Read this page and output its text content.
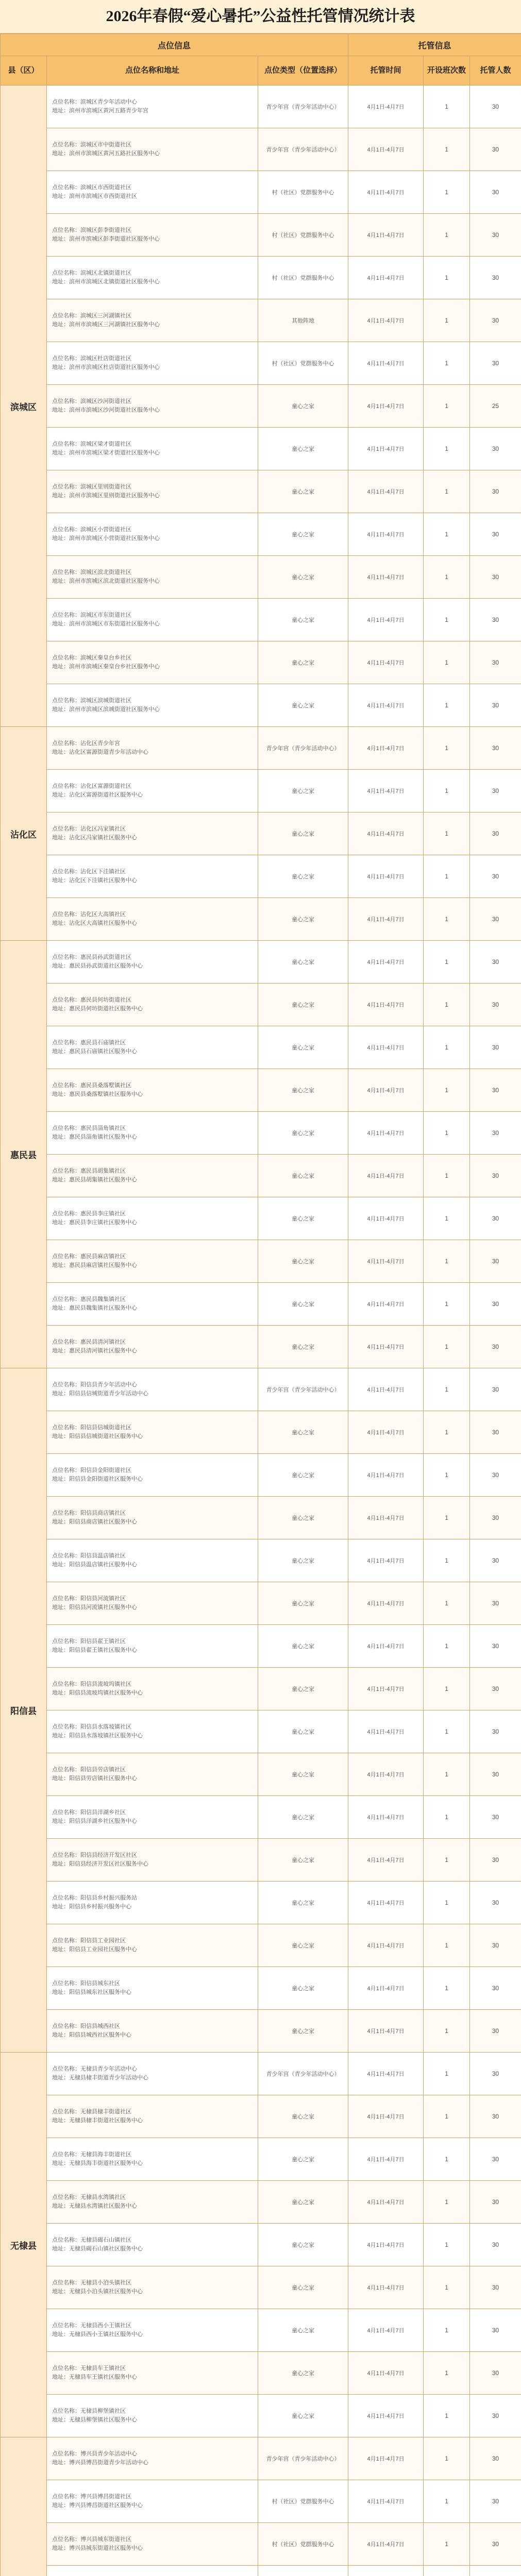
2026年春假“爱心暑托”公益性托管情况统计表
点位信息			托管信息		
县（区）	点位名称和地址	点位类型（位置选择）	托管时间	开设班次数	托管人数
滨城区	点位名称：滨城区青少年活动中心
地址：滨州市滨城区黄河五路青少年宫	青少年宫（青少年活动中心）	4月1日-4月7日	1	30

	点位名称：滨城区市中街道社区
地址：滨州市滨城区黄河五路社区服务中心	青少年宫（青少年活动中心）	4月1日-4月7日	1	30

	点位名称：滨城区市西街道社区
地址：滨州市滨城区市西街道社区	村（社区）党群服务中心	4月1日-4月7日	1	30

	点位名称：滨城区彭李街道社区
地址：滨州市滨城区彭李街道社区服务中心	村（社区）党群服务中心	4月1日-4月7日	1	30

	点位名称：滨城区北镇街道社区
地址：滨州市滨城区北镇街道社区服务中心	村（社区）党群服务中心	4月1日-4月7日	1	30

	点位名称：滨城区三河湖镇社区
地址：滨州市滨城区三河湖镇社区服务中心	其他阵地	4月1日-4月7日	1	30

	点位名称：滨城区杜店街道社区
地址：滨州市滨城区杜店街道社区服务中心	村（社区）党群服务中心	4月1日-4月7日	1	30

	点位名称：滨城区沙河街道社区
地址：滨州市滨城区沙河街道社区服务中心	童心之家	4月1日-4月7日	1	25

	点位名称：滨城区梁才街道社区
地址：滨州市滨城区梁才街道社区服务中心	童心之家	4月1日-4月7日	1	30

	点位名称：滨城区里则街道社区
地址：滨州市滨城区里则街道社区服务中心	童心之家	4月1日-4月7日	1	30

	点位名称：滨城区小营街道社区
地址：滨州市滨城区小营街道社区服务中心	童心之家	4月1日-4月7日	1	30

	点位名称：滨城区滨北街道社区
地址：滨州市滨城区滨北街道社区服务中心	童心之家	4月1日-4月7日	1	30

	点位名称：滨城区市东街道社区
地址：滨州市滨城区市东街道社区服务中心	童心之家	4月1日-4月7日	1	30

	点位名称：滨城区秦皇台乡社区
地址：滨州市滨城区秦皇台乡社区服务中心	童心之家	4月1日-4月7日	1	30

	点位名称：滨城区滨城街道社区
地址：滨州市滨城区滨城街道社区服务中心	童心之家	4月1日-4月7日	1	30
沾化区	点位名称：沾化区青少年宫
地址：沾化区富源街道青少年活动中心	青少年宫（青少年活动中心）	4月1日-4月7日	1	30

	点位名称：沾化区富源街道社区
地址：沾化区富源街道社区服务中心	童心之家	4月1日-4月7日	1	30

	点位名称：沾化区冯家镇社区
地址：沾化区冯家镇社区服务中心	童心之家	4月1日-4月7日	1	30

	点位名称：沾化区下洼镇社区
地址：沾化区下洼镇社区服务中心	童心之家	4月1日-4月7日	1	30

	点位名称：沾化区大高镇社区
地址：沾化区大高镇社区服务中心	童心之家	4月1日-4月7日	1	30
惠民县	点位名称：惠民县孙武街道社区
地址：惠民县孙武街道社区服务中心	童心之家	4月1日-4月7日	1	30

	点位名称：惠民县何坊街道社区
地址：惠民县何坊街道社区服务中心	童心之家	4月1日-4月7日	1	30

	点位名称：惠民县石庙镇社区
地址：惠民县石庙镇社区服务中心	童心之家	4月1日-4月7日	1	30

	点位名称：惠民县桑落墅镇社区
地址：惠民县桑落墅镇社区服务中心	童心之家	4月1日-4月7日	1	30

	点位名称：惠民县淄角镇社区
地址：惠民县淄角镇社区服务中心	童心之家	4月1日-4月7日	1	30

	点位名称：惠民县胡集镇社区
地址：惠民县胡集镇社区服务中心	童心之家	4月1日-4月7日	1	30

	点位名称：惠民县李庄镇社区
地址：惠民县李庄镇社区服务中心	童心之家	4月1日-4月7日	1	30

	点位名称：惠民县麻店镇社区
地址：惠民县麻店镇社区服务中心	童心之家	4月1日-4月7日	1	30

	点位名称：惠民县魏集镇社区
地址：惠民县魏集镇社区服务中心	童心之家	4月1日-4月7日	1	30

	点位名称：惠民县清河镇社区
地址：惠民县清河镇社区服务中心	童心之家	4月1日-4月7日	1	30
阳信县	点位名称：阳信县青少年活动中心
地址：阳信县信城街道青少年活动中心	青少年宫（青少年活动中心）	4月1日-4月7日	1	30

	点位名称：阳信县信城街道社区
地址：阳信县信城街道社区服务中心	童心之家	4月1日-4月7日	1	30

	点位名称：阳信县金阳街道社区
地址：阳信县金阳街道社区服务中心	童心之家	4月1日-4月7日	1	30

	点位名称：阳信县商店镇社区
地址：阳信县商店镇社区服务中心	童心之家	4月1日-4月7日	1	30

	点位名称：阳信县温店镇社区
地址：阳信县温店镇社区服务中心	童心之家	4月1日-4月7日	1	30

	点位名称：阳信县河流镇社区
地址：阳信县河流镇社区服务中心	童心之家	4月1日-4月7日	1	30

	点位名称：阳信县翟王镇社区
地址：阳信县翟王镇社区服务中心	童心之家	4月1日-4月7日	1	30

	点位名称：阳信县流坡坞镇社区
地址：阳信县流坡坞镇社区服务中心	童心之家	4月1日-4月7日	1	30

	点位名称：阳信县水落坡镇社区
地址：阳信县水落坡镇社区服务中心	童心之家	4月1日-4月7日	1	30

	点位名称：阳信县劳店镇社区
地址：阳信县劳店镇社区服务中心	童心之家	4月1日-4月7日	1	30

	点位名称：阳信县洋湖乡社区
地址：阳信县洋湖乡社区服务中心	童心之家	4月1日-4月7日	1	30

	点位名称：阳信县经济开发区社区
地址：阳信县经济开发区社区服务中心	童心之家	4月1日-4月7日	1	30

	点位名称：阳信县乡村振兴服务站
地址：阳信县乡村振兴服务中心	童心之家	4月1日-4月7日	1	30

	点位名称：阳信县工业园社区
地址：阳信县工业园社区服务中心	童心之家	4月1日-4月7日	1	30

	点位名称：阳信县城东社区
地址：阳信县城东社区服务中心	童心之家	4月1日-4月7日	1	30

	点位名称：阳信县城西社区
地址：阳信县城西社区服务中心	童心之家	4月1日-4月7日	1	30
无棣县	点位名称：无棣县青少年活动中心
地址：无棣县棣丰街道青少年活动中心	青少年宫（青少年活动中心）	4月1日-4月7日	1	30

	点位名称：无棣县棣丰街道社区
地址：无棣县棣丰街道社区服务中心	童心之家	4月1日-4月7日	1	30

	点位名称：无棣县海丰街道社区
地址：无棣县海丰街道社区服务中心	童心之家	4月1日-4月7日	1	30

	点位名称：无棣县水湾镇社区
地址：无棣县水湾镇社区服务中心	童心之家	4月1日-4月7日	1	30

	点位名称：无棣县碣石山镇社区
地址：无棣县碣石山镇社区服务中心	童心之家	4月1日-4月7日	1	30

	点位名称：无棣县小泊头镇社区
地址：无棣县小泊头镇社区服务中心	童心之家	4月1日-4月7日	1	30

	点位名称：无棣县西小王镇社区
地址：无棣县西小王镇社区服务中心	童心之家	4月1日-4月7日	1	30

	点位名称：无棣县车王镇社区
地址：无棣县车王镇社区服务中心	童心之家	4月1日-4月7日	1	30

	点位名称：无棣县柳堡镇社区
地址：无棣县柳堡镇社区服务中心	童心之家	4月1日-4月7日	1	30

点位名称：博兴县青少年活动中心
地址：博兴县博昌街道青少年活动中心	青少年宫（青少年活动中心）	4月1日-4月7日	1	30

	点位名称：博兴县博昌街道社区
地址：博兴县博昌街道社区服务中心	村（社区）党群服务中心	4月1日-4月7日	1	30

	点位名称：博兴县城东街道社区
地址：博兴县城东街道社区服务中心	村（社区）党群服务中心	4月1日-4月7日	1	30
